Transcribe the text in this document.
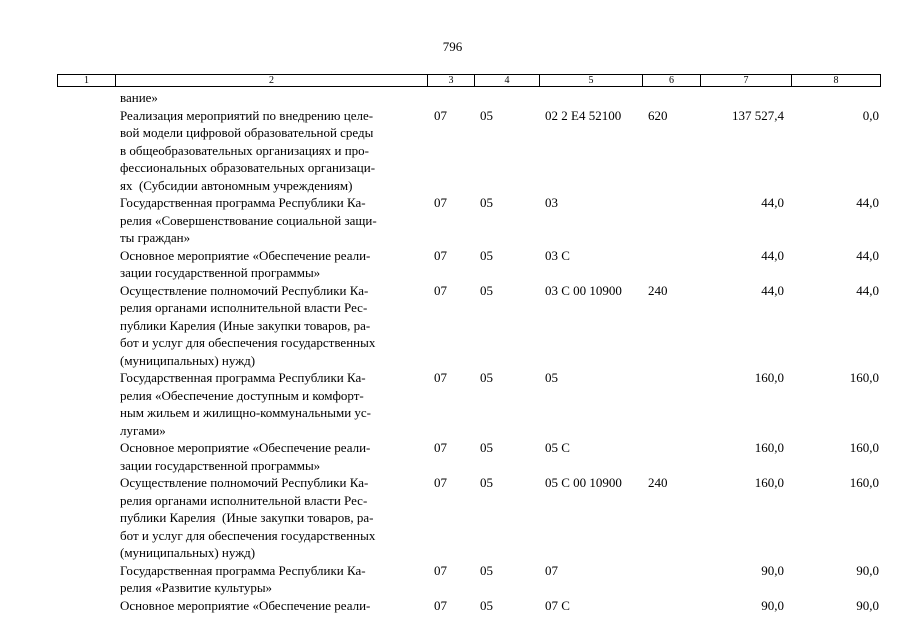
796
1	2	3	4	5	6	7	8
вание»
Реализация мероприятий по внедрению целе-
вой модели цифровой образовательной среды
в общеобразовательных организациях и про-
фессиональных образовательных организаци-
ях  (Субсидии автономным учреждениям)
07	05	02 2 E4 52100 620	137 527,4	0,0
Государственная программа Республики Ка-
релия «Совершенствование социальной защи-
ты граждан»
07	05	03	44,0	44,0
Основное мероприятие «Обеспечение реали-
зации государственной программы»
07	05	03 С	44,0	44,0
Осуществление полномочий Республики Ка-
релия органами исполнительной власти Рес-
публики Карелия (Иные закупки товаров, ра-
бот и услуг для обеспечения государственных
(муниципальных) нужд)
07	05	03 С 00 10900 240	44,0	44,0
Государственная программа Республики Ка-
релия «Обеспечение доступным и комфорт-
ным жильем и жилищно-коммунальными ус-
лугами»
07	05	05	160,0	160,0
Основное мероприятие «Обеспечение реали-
зации государственной программы»
07	05	05 С	160,0	160,0
Осуществление полномочий Республики Ка-
релия органами исполнительной власти Рес-
публики Карелия  (Иные закупки товаров, ра-
бот и услуг для обеспечения государственных
(муниципальных) нужд)
07	05	05 С 00 10900 240	160,0	160,0
Государственная программа Республики Ка-
релия «Развитие культуры»
07	05	07	90,0	90,0
Основное мероприятие «Обеспечение реали-	07	05	07 С	90,0	90,0
